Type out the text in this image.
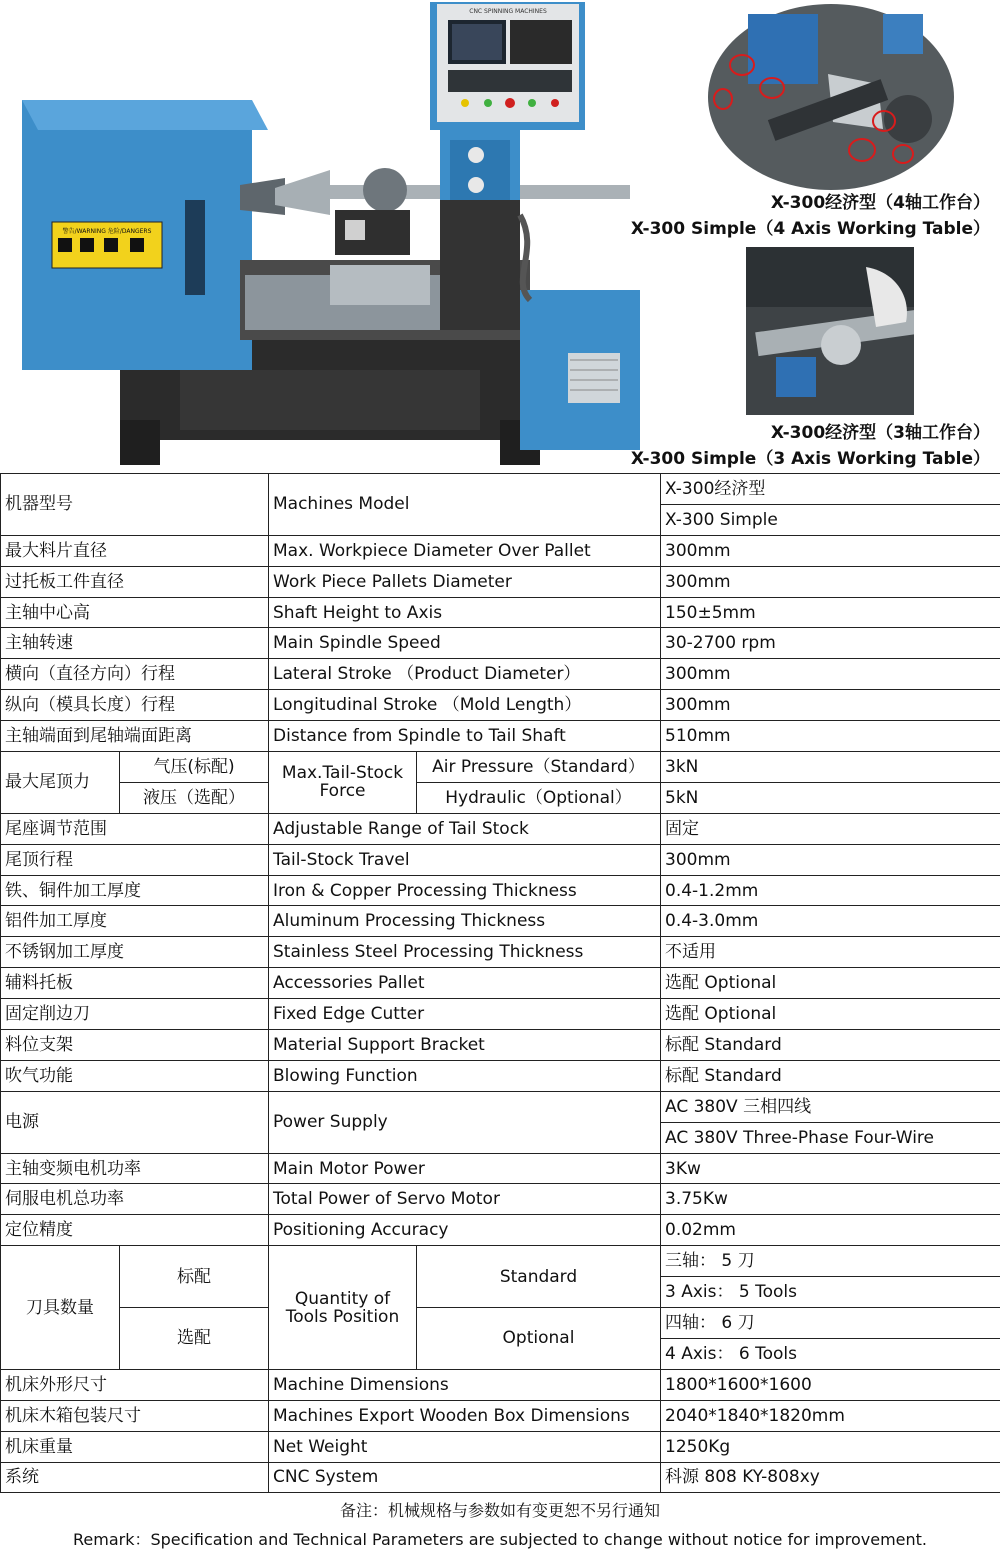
警告/WARNING 危险/DANGERS
CNC SPINNING MACHINES
X-300经济型（4轴工作台）
X-300 Simple（4 Axis Working Table）
X-300经济型（3轴工作台）
X-300 Simple（3 Axis Working Table）
机器型号		Machines Model		X-300经济型
				X-300 Simple
最大料片直径		Max. Workpiece Diameter Over Pallet		300mm
过托板工件直径		Work Piece Pallets Diameter		300mm
主轴中心高		Shaft Height to Axis		150±5mm
主轴转速		Main Spindle Speed		30-2700 rpm
横向（直径方向）行程		Lateral Stroke （Product Diameter）		300mm
纵向（模具长度）行程		Longitudinal Stroke （Mold Length）		300mm
主轴端面到尾轴端面距离		Distance from Spindle to Tail Shaft		510mm
最大尾顶力	气压(标配)	Max.Tail-Stock Force	Air Pressure（Standard）	3kN
	液压（选配）		Hydraulic（Optional）	5kN
尾座调节范围		Adjustable Range of Tail Stock		固定
尾顶行程		Tail-Stock Travel		300mm
铁、铜件加工厚度		Iron & Copper Processing Thickness		0.4-1.2mm
铝件加工厚度		Aluminum Processing Thickness		0.4-3.0mm
不锈钢加工厚度		Stainless Steel Processing Thickness		不适用
辅料托板		Accessories Pallet		选配 Optional
固定削边刀		Fixed Edge Cutter		选配 Optional
料位支架		Material Support Bracket		标配 Standard
吹气功能		Blowing Function		标配 Standard
电源		Power Supply		AC 380V 三相四线
				AC 380V Three-Phase Four-Wire
主轴变频电机功率		Main Motor Power		3Kw
伺服电机总功率		Total Power of Servo Motor		3.75Kw
定位精度		Positioning Accuracy		0.02mm
刀具数量	标配	Quantity of Tools Position	Standard	三轴： 5 刀
				3 Axis： 5 Tools
	选配		Optional	四轴： 6 刀
				4 Axis： 6 Tools
机床外形尺寸		Machine Dimensions		1800*1600*1600
机床木箱包装尺寸		Machines Export Wooden Box Dimensions		2040*1840*1820mm
机床重量		Net Weight		1250Kg
系统		CNC System		科源 808 KY-808xy
备注：机械规格与参数如有变更恕不另行通知
Remark：Specification and Technical Parameters are subjected to change without notice for improvement.
